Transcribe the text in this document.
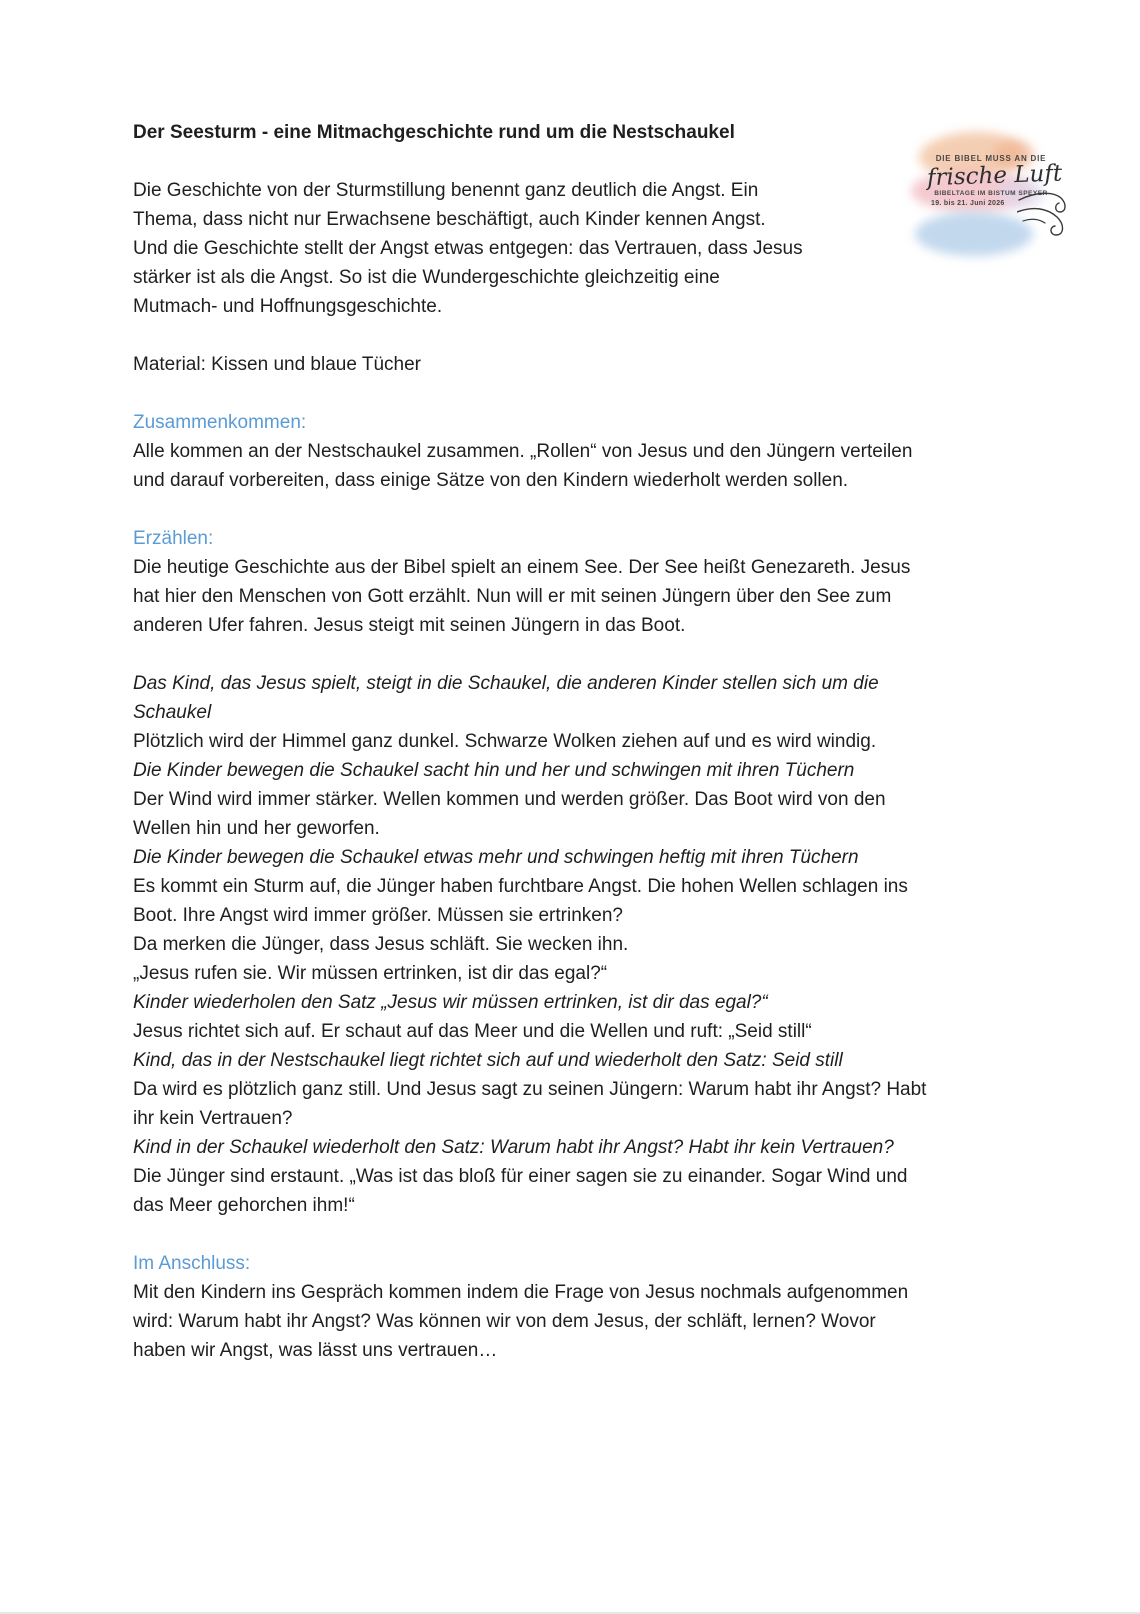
Der Seesturm - eine Mitmachgeschichte rund um die Nestschaukel
Die Geschichte von der Sturmstillung benennt ganz deutlich die Angst. Ein
Thema, dass nicht nur Erwachsene beschäftigt, auch Kinder kennen Angst.
Und die Geschichte stellt der Angst etwas entgegen: das Vertrauen, dass Jesus
stärker ist als die Angst. So ist die Wundergeschichte gleichzeitig eine
Mutmach- und Hoffnungsgeschichte.
Material: Kissen und blaue Tücher
Zusammenkommen:
Alle kommen an der Nestschaukel zusammen. „Rollen“ von Jesus und den Jüngern verteilen
und darauf vorbereiten, dass einige Sätze von den Kindern wiederholt werden sollen.
Erzählen:
Die heutige Geschichte aus der Bibel spielt an einem See. Der See heißt Genezareth. Jesus
hat hier den Menschen von Gott erzählt. Nun will er mit seinen Jüngern über den See zum
anderen Ufer fahren. Jesus steigt mit seinen Jüngern in das Boot.
Das Kind, das Jesus spielt, steigt in die Schaukel, die anderen Kinder stellen sich um die
Schaukel
Plötzlich wird der Himmel ganz dunkel. Schwarze Wolken ziehen auf und es wird windig.
Die Kinder bewegen die Schaukel sacht hin und her und schwingen mit ihren Tüchern
Der Wind wird immer stärker. Wellen kommen und werden größer. Das Boot wird von den
Wellen hin und her geworfen.
Die Kinder bewegen die Schaukel etwas mehr und schwingen heftig mit ihren Tüchern
Es kommt ein Sturm auf, die Jünger haben furchtbare Angst. Die hohen Wellen schlagen ins
Boot. Ihre Angst wird immer größer. Müssen sie ertrinken?
Da merken die Jünger, dass Jesus schläft. Sie wecken ihn.
„Jesus rufen sie. Wir müssen ertrinken, ist dir das egal?“
Kinder wiederholen den Satz „Jesus wir müssen ertrinken, ist dir das egal?“
Jesus richtet sich auf. Er schaut auf das Meer und die Wellen und ruft: „Seid still“
Kind, das in der Nestschaukel liegt richtet sich auf und wiederholt den Satz: Seid still
Da wird es plötzlich ganz still. Und Jesus sagt zu seinen Jüngern: Warum habt ihr Angst? Habt
ihr kein Vertrauen?
Kind in der Schaukel wiederholt den Satz: Warum habt ihr Angst? Habt ihr kein Vertrauen?
Die Jünger sind erstaunt. „Was ist das bloß für einer sagen sie zu einander. Sogar Wind und
das Meer gehorchen ihm!“
Im Anschluss:
Mit den Kindern ins Gespräch kommen indem die Frage von Jesus nochmals aufgenommen
wird: Warum habt ihr Angst? Was können wir von dem Jesus, der schläft, lernen? Wovor
haben wir Angst, was lässt uns vertrauen…
DIE BIBEL MUSS AN DIE
frische Luft
BIBELTAGE IM BISTUM SPEYER
19. bis 21. Juni 2026
